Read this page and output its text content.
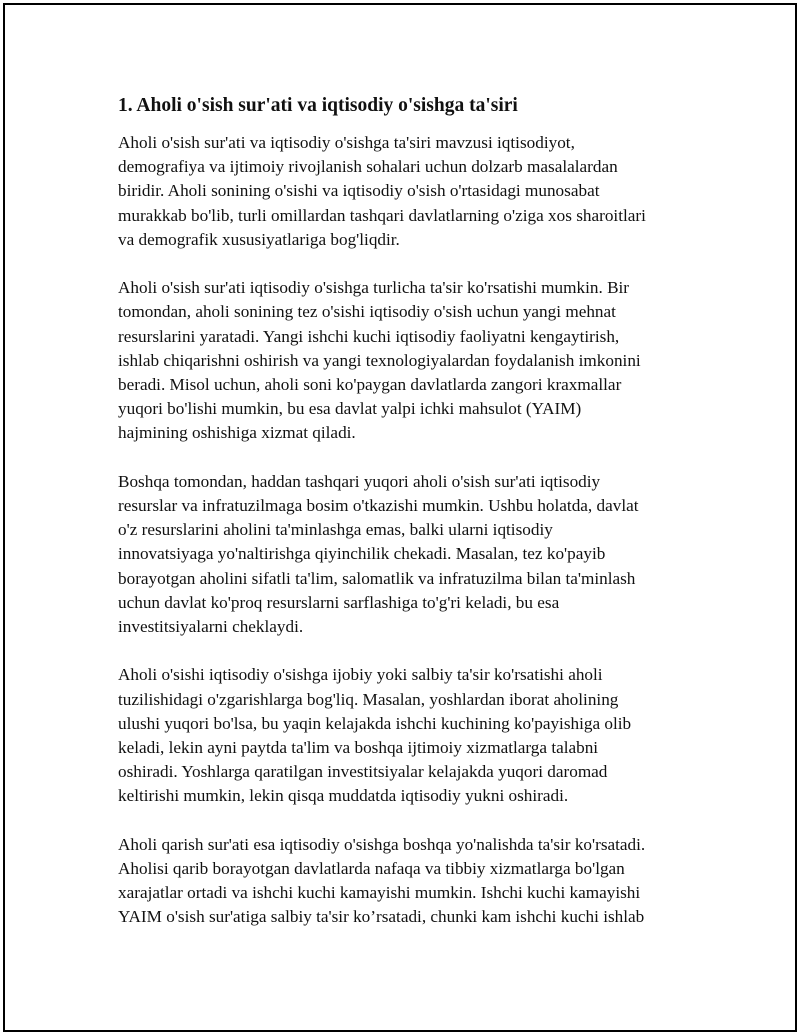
1. Aholi o'sish sur'ati va iqtisodiy o'sishga ta'siri
Aholi o'sish sur'ati va iqtisodiy o'sishga ta'siri mavzusi iqtisodiyot,
demografiya va ijtimoiy rivojlanish sohalari uchun dolzarb masalalardan
biridir. Aholi sonining o'sishi va iqtisodiy o'sish o'rtasidagi munosabat
murakkab bo'lib, turli omillardan tashqari davlatlarning o'ziga xos sharoitlari
va demografik xususiyatlariga bog'liqdir.
Aholi o'sish sur'ati iqtisodiy o'sishga turlicha ta'sir ko'rsatishi mumkin. Bir
tomondan, aholi sonining tez o'sishi iqtisodiy o'sish uchun yangi mehnat
resurslarini yaratadi. Yangi ishchi kuchi iqtisodiy faoliyatni kengaytirish,
ishlab chiqarishni oshirish va yangi texnologiyalardan foydalanish imkonini
beradi. Misol uchun, aholi soni ko'paygan davlatlarda zangori kraxmallar
yuqori bo'lishi mumkin, bu esa davlat yalpi ichki mahsulot (YAIM)
hajmining oshishiga xizmat qiladi.
Boshqa tomondan, haddan tashqari yuqori aholi o'sish sur'ati iqtisodiy
resurslar va infratuzilmaga bosim o'tkazishi mumkin. Ushbu holatda, davlat
o'z resurslarini aholini ta'minlashga emas, balki ularni iqtisodiy
innovatsiyaga yo'naltirishga qiyinchilik chekadi. Masalan, tez ko'payib
borayotgan aholini sifatli ta'lim, salomatlik va infratuzilma bilan ta'minlash
uchun davlat ko'proq resurslarni sarflashiga to'g'ri keladi, bu esa
investitsiyalarni cheklaydi.
Aholi o'sishi iqtisodiy o'sishga ijobiy yoki salbiy ta'sir ko'rsatishi aholi
tuzilishidagi o'zgarishlarga bog'liq. Masalan, yoshlardan iborat aholining
ulushi yuqori bo'lsa, bu yaqin kelajakda ishchi kuchining ko'payishiga olib
keladi, lekin ayni paytda ta'lim va boshqa ijtimoiy xizmatlarga talabni
oshiradi. Yoshlarga qaratilgan investitsiyalar kelajakda yuqori daromad
keltirishi mumkin, lekin qisqa muddatda iqtisodiy yukni oshiradi.
Aholi qarish sur'ati esa iqtisodiy o'sishga boshqa yo'nalishda ta'sir ko'rsatadi.
Aholisi qarib borayotgan davlatlarda nafaqa va tibbiy xizmatlarga bo'lgan
xarajatlar ortadi va ishchi kuchi kamayishi mumkin. Ishchi kuchi kamayishi
YAIM o'sish sur'atiga salbiy ta'sir ko’rsatadi, chunki kam ishchi kuchi ishlab
